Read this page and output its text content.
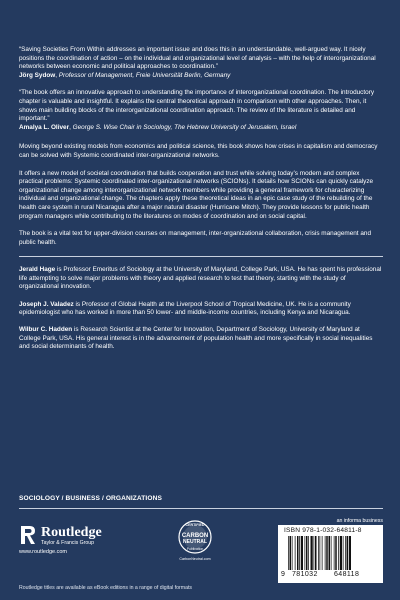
“Saving Societies From Within addresses an important issue and does this in an understandable, well-argued way. It nicely positions the coordination of action – on the individual and organizational level of analysis – with the help of interorganizational networks between economic and political approaches to coordination.”

Jörg Sydow, Professor of Management, Freie Universität Berlin, Germany

“The book offers an innovative approach to understanding the importance of interorganizational coordination. The introductory chapter is valuable and insightful. It explains the central theoretical approach in comparison with other approaches. Then, it shows main building blocks of the interorganizational coordination approach. The review of the literature is detailed and important.”

Amalya L. Oliver, George S. Wise Chair in Sociology, The Hebrew University of Jerusalem, Israel

Moving beyond existing models from economics and political science, this book shows how crises in capitalism and democracy can be solved with Systemic coordinated inter-organizational networks.

It offers a new model of societal coordination that builds cooperation and trust while solving today’s modern and complex practical problems: Systemic coordinated inter-organizational networks (SCIONs). It details how SCIONs can quickly catalyze organizational change among interorganizational network members while providing a general framework for characterizing individual and organizational change. The chapters apply these theoretical ideas in an epic case study of the rebuilding of the health care system in rural Nicaragua after a major natural disaster (Hurricane Mitch). They provide lessons for public health program managers while contributing to the literatures on modes of coordination and on social capital.

The book is a vital text for upper-division courses on management, inter-organizational collaboration, crisis management and public health.

Jerald Hage is Professor Emeritus of Sociology at the University of Maryland, College Park, USA. He has spent his professional life attempting to solve major problems with theory and applied research to test that theory, starting with the study of organizational innovation.

Joseph J. Valadez is Professor of Global Health at the Liverpool School of Tropical Medicine, UK. He is a community epidemiologist who has worked in more than 50 lower- and middle-income countries, including Kenya and Nicaragua.

Wilbur C. Hadden is Research Scientist at the Center for Innovation, Department of Sociology, University of Maryland at College Park, USA. His general interest is in the advancement of population health and more specifically in social inequalities and social determinants of health.

SOCIOLOGY / BUSINESS / ORGANIZATIONS
Routledge
Taylor & Francis Group
www.routledge.com
CERTIFIED
CARBON
NEUTRAL
Publication
CarbonNeutral.com
an informa business
ISBN 978-1-032-64811-8
9 781032 648118
Routledge titles are available as eBook editions in a range of digital formats
